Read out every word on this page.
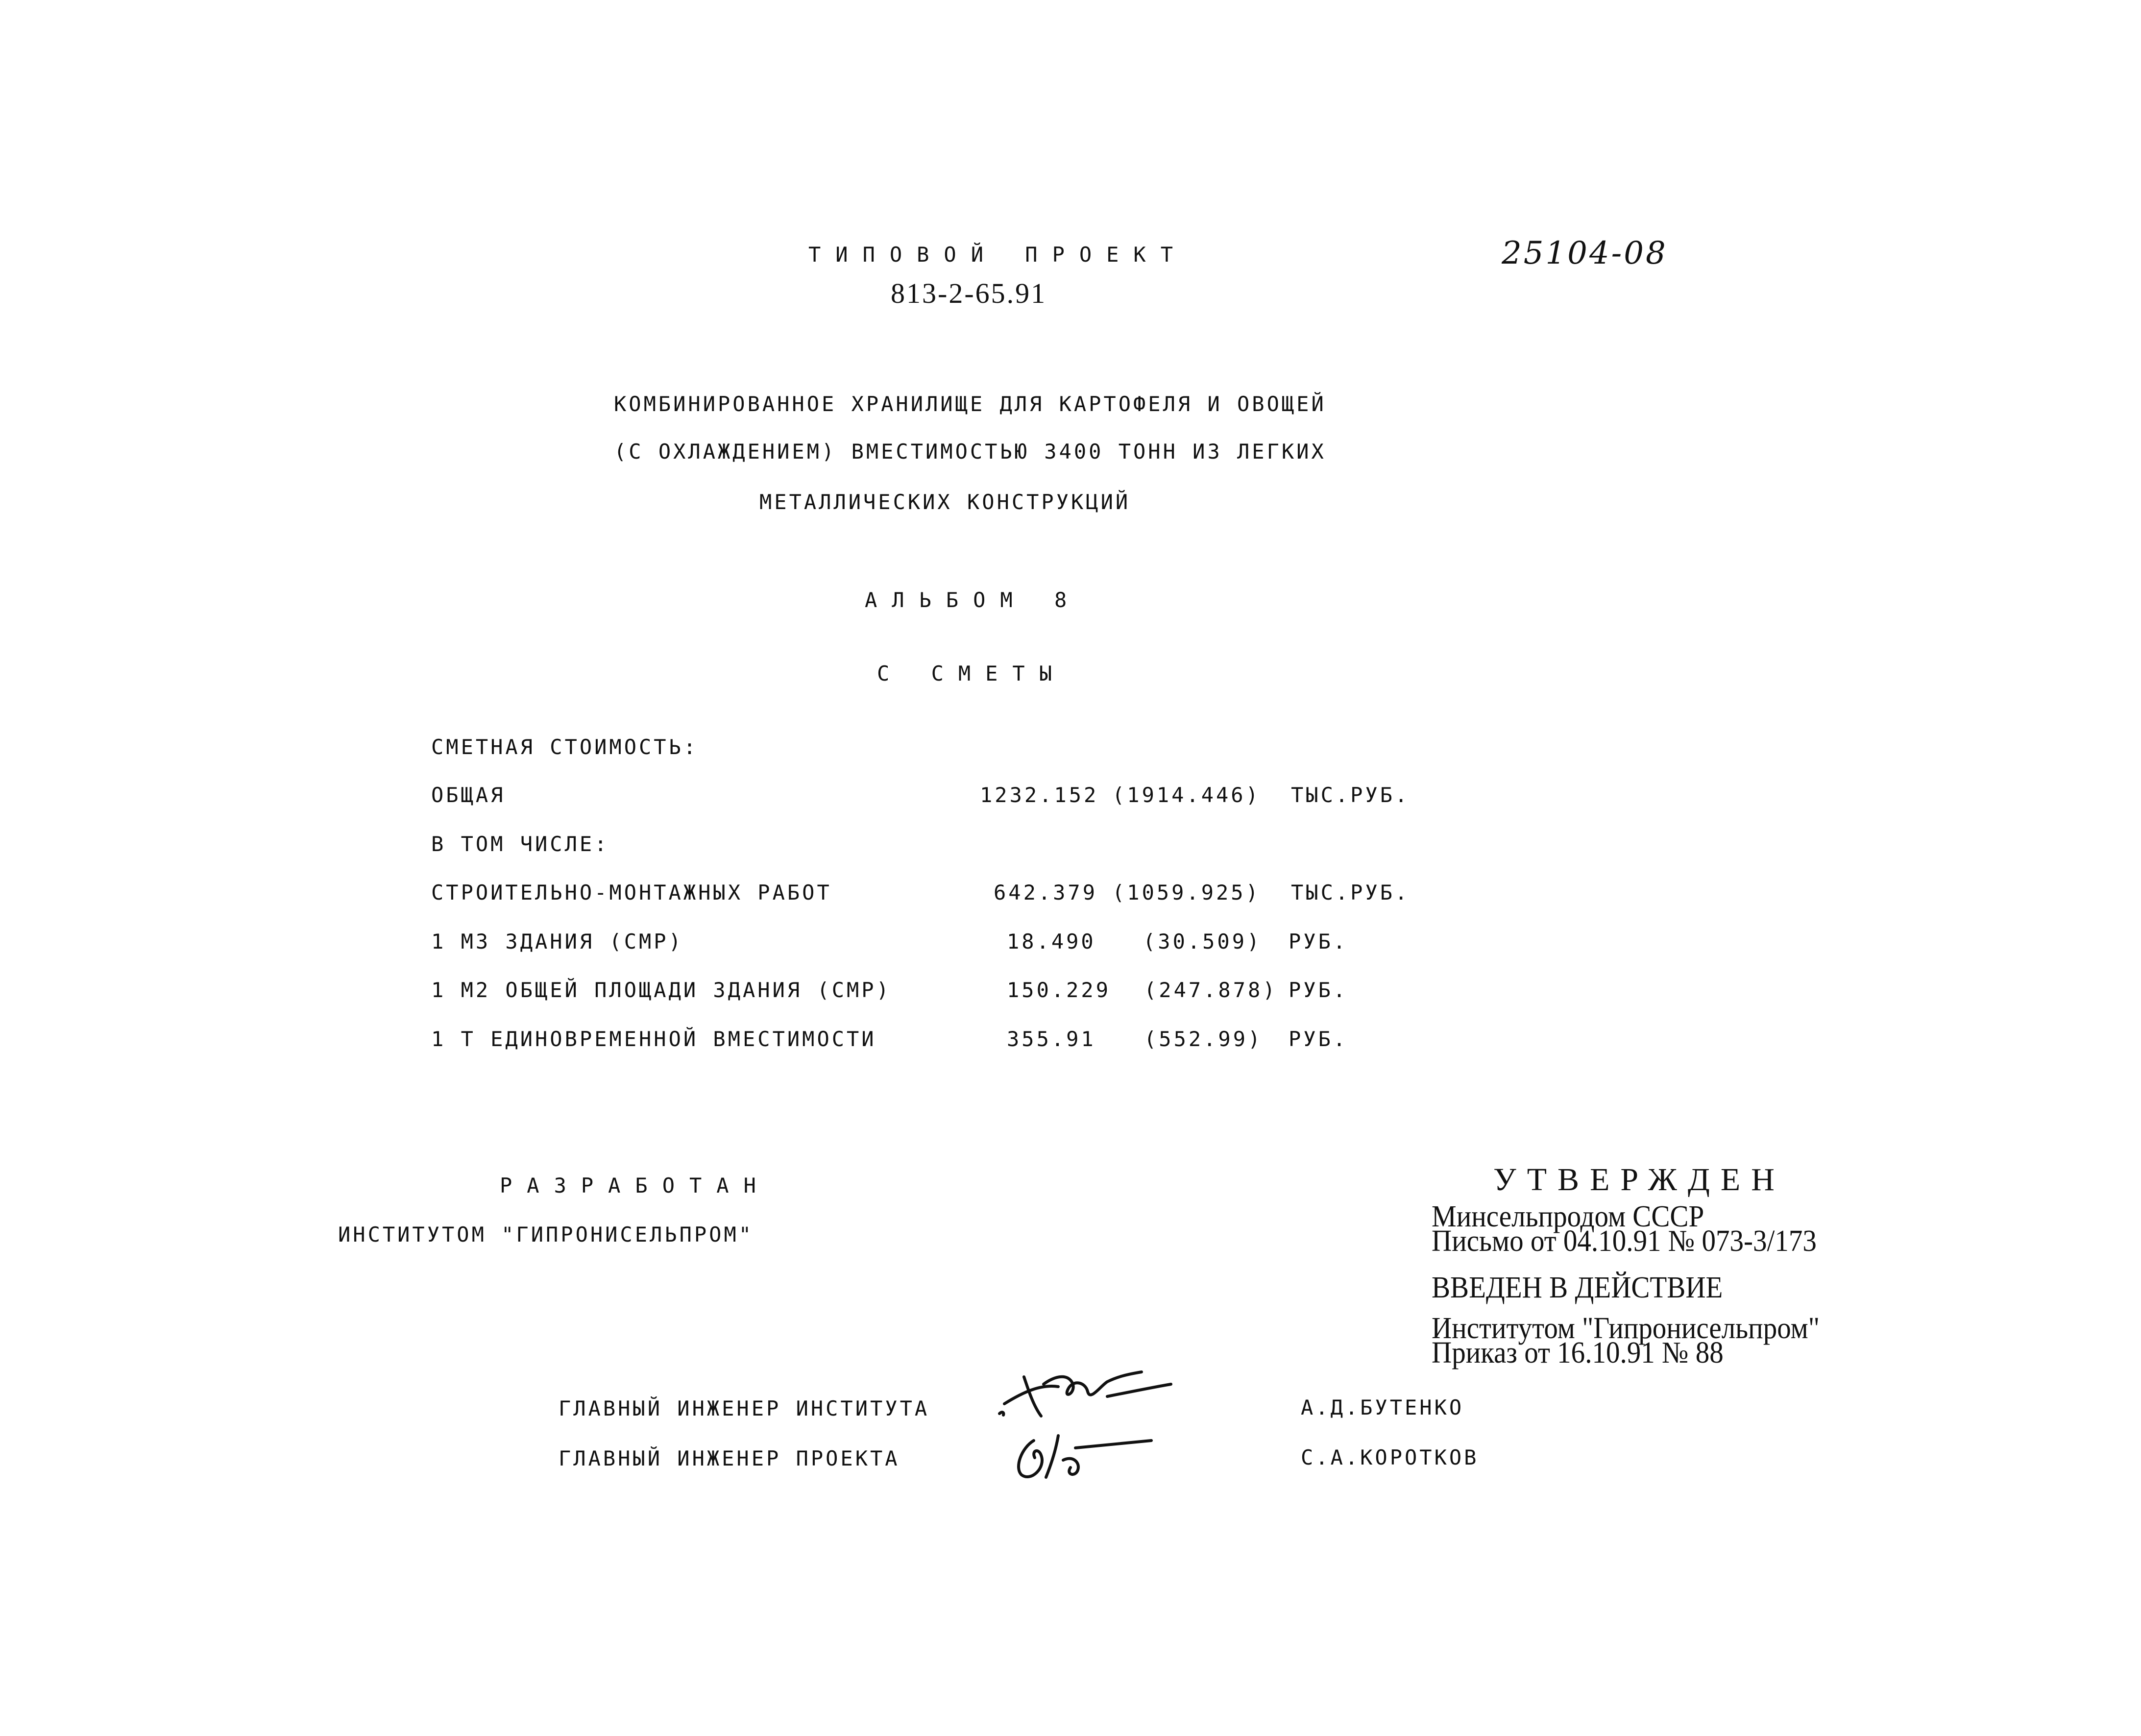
ТИПОВОЙ ПРОЕКТ
813-2-65.91
25104-08
КОМБИНИРОВАННОЕ ХРАНИЛИЩЕ ДЛЯ КАРТОФЕЛЯ И ОВОЩЕЙ
(С ОХЛАЖДЕНИЕМ) ВМЕСТИМОСТЬЮ 3400 ТОНН ИЗ ЛЕГКИХ
МЕТАЛЛИЧЕСКИХ КОНСТРУКЦИЙ
АЛЬБОМ 8
С СМЕТЫ
СМЕТНАЯ СТОИМОСТЬ:
ОБЩАЯ	1232.152 (1914.446) ТЫС.РУБ.
В ТОМ ЧИСЛЕ:
СТРОИТЕЛЬНО-МОНТАЖНЫХ РАБОТ	642.379 (1059.925) ТЫС.РУБ.
1 М3 ЗДАНИЯ (СМР)	18.490 (30.509) РУБ.
1 М2 ОБЩЕЙ ПЛОЩАДИ ЗДАНИЯ (СМР)	150.229 (247.878) РУБ.
1 Т ЕДИНОВРЕМЕННОЙ ВМЕСТИМОСТИ	355.91 (552.99) РУБ.
РАЗРАБОТАН
ИНСТИТУТОМ "ГИПРОНИСЕЛЬПРОМ"
УТВЕРЖДЕН
Минсельпродом СССР
Письмо от 04.10.91 № 073-3/173
ВВЕДЕН В ДЕЙСТВИЕ
Институтом "Гипронисельпром"
Приказ от 16.10.91 № 88
ГЛАВНЫЙ ИНЖЕНЕР ИНСТИТУТА	А.Д.БУТЕНКО
ГЛАВНЫЙ ИНЖЕНЕР ПРОЕКТА	С.А.КОРОТКОВ
